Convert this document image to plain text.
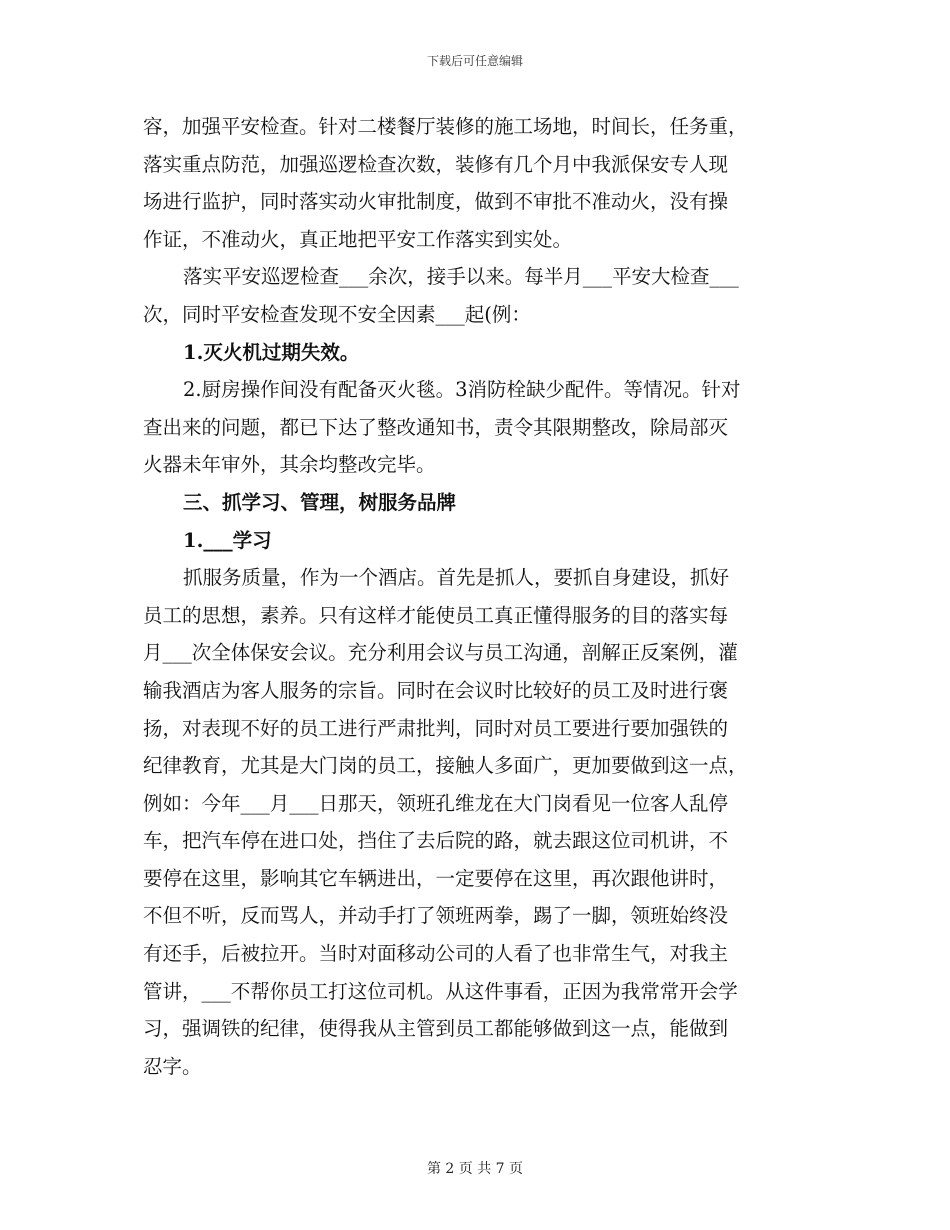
下载后可任意编辑
容，加强平安检查。针对二楼餐厅装修的施工场地，时间长，任务重，
落实重点防范，加强巡逻检查次数，装修有几个月中我派保安专人现
场进行监护，同时落实动火审批制度，做到不审批不准动火，没有操
作证，不准动火，真正地把平安工作落实到实处。
落实平安巡逻检查___余次，接手以来。每半月___平安大检查___
次，同时平安检查发现不安全因素___起(例：
1.灭火机过期失效。
2.厨房操作间没有配备灭火毯。3消防栓缺少配件。等情况。针对
查出来的问题，都已下达了整改通知书，责令其限期整改，除局部灭
火器未年审外，其余均整改完毕。
三、抓学习、管理，树服务品牌
1.___学习
抓服务质量，作为一个酒店。首先是抓人，要抓自身建设，抓好
员工的思想，素养。只有这样才能使员工真正懂得服务的目的落实每
月___次全体保安会议。充分利用会议与员工沟通，剖解正反案例，灌
输我酒店为客人服务的宗旨。同时在会议时比较好的员工及时进行褒
扬，对表现不好的员工进行严肃批判，同时对员工要进行要加强铁的
纪律教育，尤其是大门岗的员工，接触人多面广，更加要做到这一点，
例如：今年___月___日那天，领班孔维龙在大门岗看见一位客人乱停
车，把汽车停在进口处，挡住了去后院的路，就去跟这位司机讲，不
要停在这里，影响其它车辆进出，一定要停在这里，再次跟他讲时，
不但不听，反而骂人，并动手打了领班两拳，踢了一脚，领班始终没
有还手，后被拉开。当时对面移动公司的人看了也非常生气，对我主
管讲，___不帮你员工打这位司机。从这件事看，正因为我常常开会学
习，强调铁的纪律，使得我从主管到员工都能够做到这一点，能做到
忍字。
第 2 页 共 7 页
